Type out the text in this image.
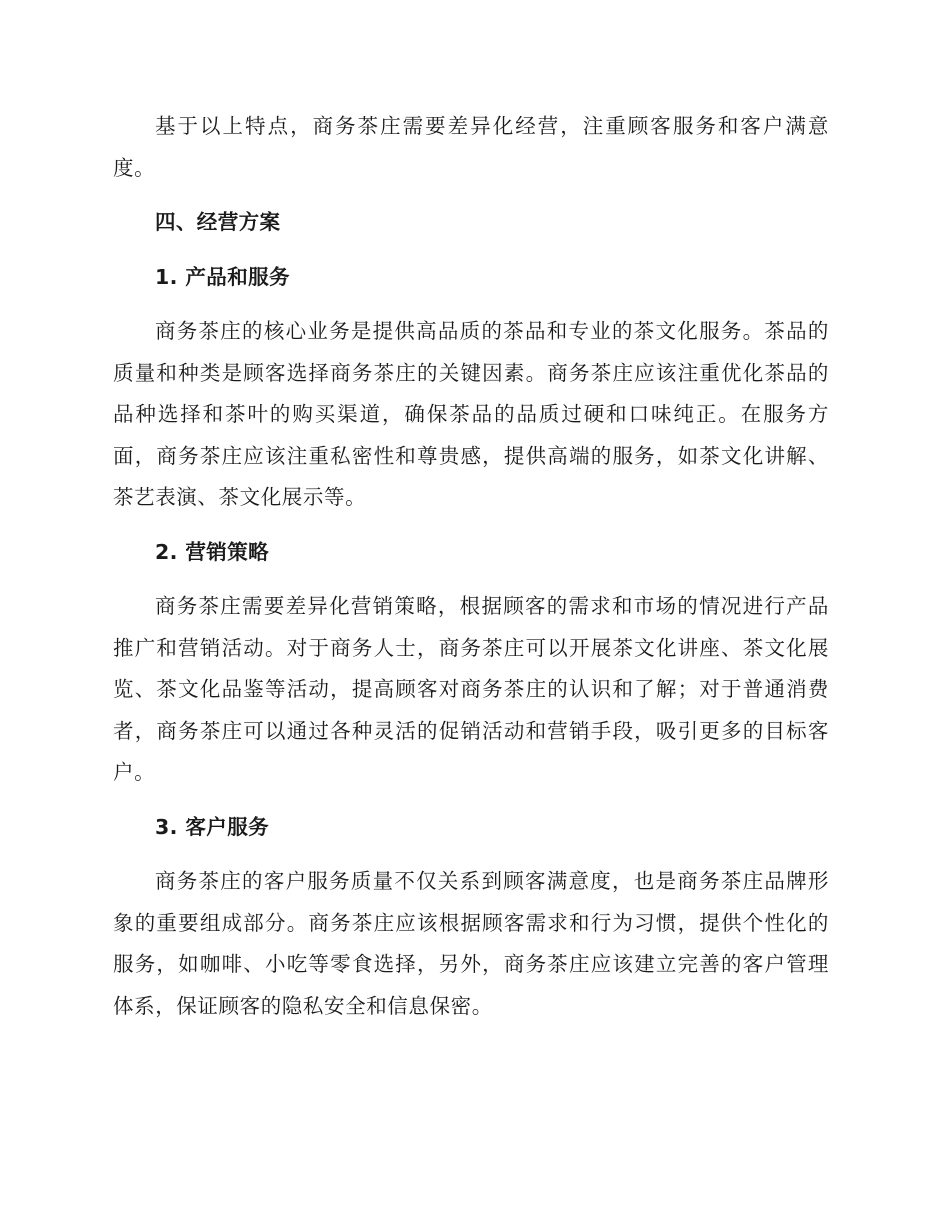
基于以上特点，商务茶庄需要差异化经营，注重顾客服务和客户满意度。

四、经营方案

1. 产品和服务

商务茶庄的核心业务是提供高品质的茶品和专业的茶文化服务。茶品的质量和种类是顾客选择商务茶庄的关键因素。商务茶庄应该注重优化茶品的品种选择和茶叶的购买渠道，确保茶品的品质过硬和口味纯正。在服务方面，商务茶庄应该注重私密性和尊贵感，提供高端的服务，如茶文化讲解、茶艺表演、茶文化展示等。

2. 营销策略

商务茶庄需要差异化营销策略，根据顾客的需求和市场的情况进行产品推广和营销活动。对于商务人士，商务茶庄可以开展茶文化讲座、茶文化展览、茶文化品鉴等活动，提高顾客对商务茶庄的认识和了解；对于普通消费者，商务茶庄可以通过各种灵活的促销活动和营销手段，吸引更多的目标客户。

3. 客户服务

商务茶庄的客户服务质量不仅关系到顾客满意度，也是商务茶庄品牌形象的重要组成部分。商务茶庄应该根据顾客需求和行为习惯，提供个性化的服务，如咖啡、小吃等零食选择，另外，商务茶庄应该建立完善的客户管理体系，保证顾客的隐私安全和信息保密。
